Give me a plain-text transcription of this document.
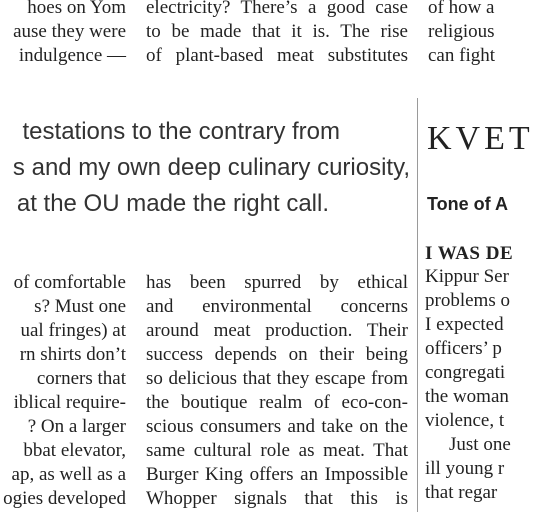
hoes on Yom
ause they were
indulgence —
electricity? There’s a good case
to be made that it is. The rise
of plant-based meat substitutes
of how a
religious
can fight
testations to the contrary from
s and my own deep culinary curiosity,
at the OU made the right call.
of comfortable
s? Must one
ual fringes) at
rn shirts don’t
corners that
iblical require-
? On a larger
bbat elevator,
ap, as well as a
ogies developed
has been spurred by ethical
and environmental concerns
around meat production. Their
success depends on their being
so delicious that they escape from
the boutique realm of eco-con-
scious consumers and take on the
same cultural role as meat. That
Burger King offers an Impossible
Whopper signals that this is
KVET
Tone of A
I WAS DE
Kippur Ser
problems o
I expected
officers’ p
congregati
the woman
violence, t
Just one
ill young r
that regar
